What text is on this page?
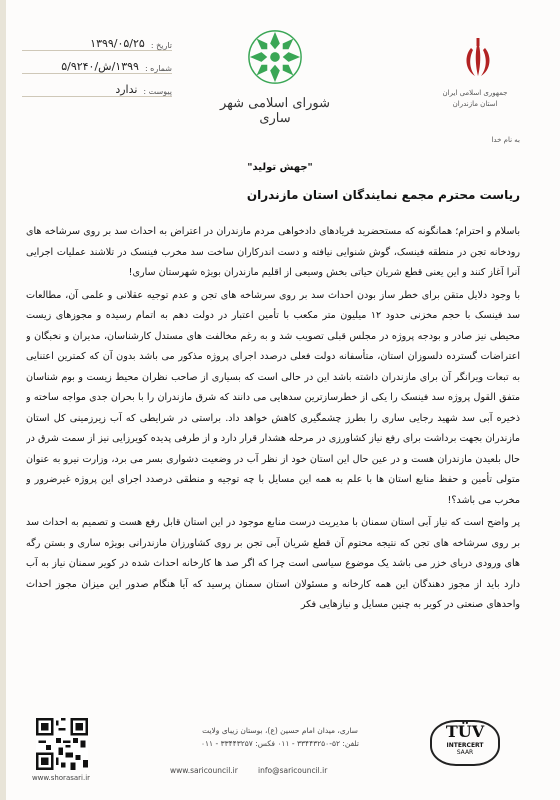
تاریخ :
۱۳۹۹/۰۵/۲۵
شماره :
۱۳۹۹/ش/۵/۹۲۴۰
پیوست :
ندارد
شورای اسلامی شهر ساری
جمهوری اسلامی ایران
استان مازندران
به نام خدا
"جهش تولید"
ریاست محترم مجمع نمایندگان استان مازندران

باسلام و احترام؛ همانگونه که مستحضرید فریادهای دادخواهی مردم مازندران در اعتراض به احداث سد بر روی سرشاخه های رودخانه تجن در منطقه فینسک، گوش شنوایی نیافته و دست اندرکاران ساخت سد مخرب فینسک در تلاشند عملیات اجرایی آنرا آغاز کنند و این یعنی قطع شریان حیاتی بخش وسیعی از اقلیم مازندران بویژه شهرستان ساری!

با وجود دلایل متقن برای خطر ساز بودن احداث سد بر روی سرشاخه های تجن و عدم توجیه عقلانی و علمی آن، مطالعات سد فینسک با حجم مخزنی حدود ۱۲ میلیون متر مکعب با تأمین اعتبار در دولت دهم به اتمام رسیده و مجوزهای زیست محیطی نیز صادر و بودجه پروژه در مجلس قبلی تصویب شد و به رغم مخالفت های مستدل کارشناسان، مدیران و نخبگان و اعتراضات گسترده دلسوزان استان، متأسفانه دولت فعلی درصدد اجرای پروژه مذکور می باشد بدون آن که کمترین اعتنایی به تبعات ویرانگر آن برای مازندران داشته باشد این در حالی است که بسیاری از صاحب نظران محیط زیست و بوم شناسان متفق القول پروژه سد فینسک را یکی از خطرسازترین سدهایی می دانند که شرق مازندران را با بحران جدی مواجه ساخته و ذخیره آبی سد شهید رجایی ساری را بطرز چشمگیری کاهش خواهد داد. براستی در شرایطی که آب زیرزمینی کل استان مازندران بجهت برداشت برای رفع نیاز کشاورزی در مرحله هشدار قرار دارد و از طرفی پدیده کویرزایی نیز از سمت شرق در حال بلعیدن مازندران هست و در عین حال این استان خود از نظر آب در وضعیت دشواری بسر می برد، وزارت نیرو به عنوان متولی تأمین و حفظ منابع استان ها با علم به همه این مسایل با چه توجیه و منطقی درصدد اجرای این پروژه غیرضرور و مخرب می باشد؟!

پر واضح است که نیاز آبی استان سمنان با مدیریت درست منابع موجود در این استان قابل رفع هست و تصمیم به احداث سد بر روی سرشاخه های تجن که نتیجه محتوم آن قطع شریان آبی تجن بر روی کشاورزان مازندرانی بویژه ساری و بستن رگه های ورودی دریای خزر می باشد یک موضوع سیاسی است چرا که اگر صد ها کارخانه احداث شده در کویر سمنان نیاز به آب دارد باید از مجوز دهندگان این همه کارخانه و مسئولان استان سمنان پرسید که آیا هنگام صدور این میزان مجوز احداث واحدهای صنعتی در کویر به چنین مسایل و نیازهایی فکر

www.shorasari.ir
ساری، میدان امام حسین (ع)، بوستان زیبای ولایت
تلفن: ۵۲-۳۳۴۴۳۲۵۰ - ۰۱۱ فکس: ۳۳۴۴۳۲۵۷ - ۰۱۱
www.saricouncil.ir	info@saricouncil.ir
TÜV
INTERCERT
SAAR
